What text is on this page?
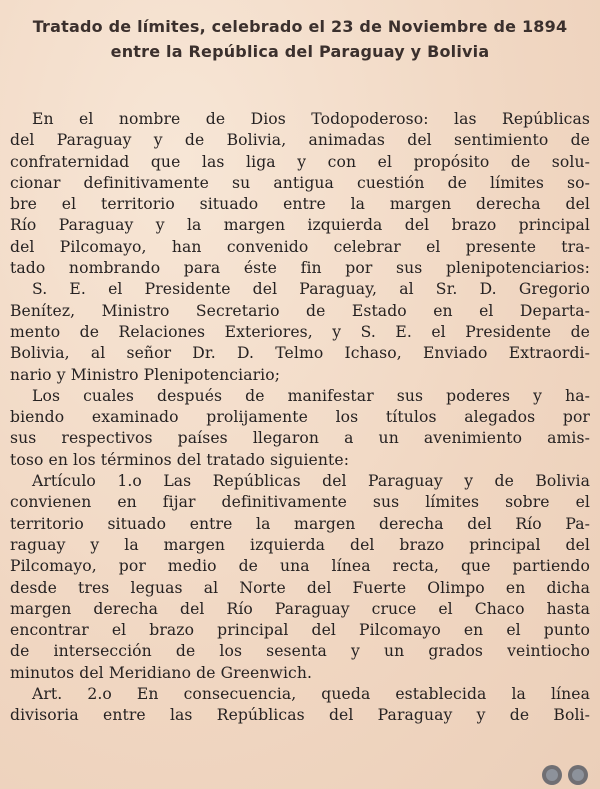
Tratado de límites, celebrado el 23 de Noviembre de 1894
entre la República del Paraguay y Bolivia
En el nombre de Dios Todopoderoso: las Repúblicas
del Paraguay y de Bolivia, animadas del sentimiento de
confraternidad que las liga y con el propósito de solu-
cionar definitivamente su antigua cuestión de límites so-
bre el territorio situado entre la margen derecha del
Río Paraguay y la margen izquierda del brazo principal
del Pilcomayo, han convenido celebrar el presente tra-
tado nombrando para éste fin por sus plenipotenciarios:
S. E. el Presidente del Paraguay, al Sr. D. Gregorio
Benítez, Ministro Secretario de Estado en el Departa-
mento de Relaciones Exteriores, y S. E. el Presidente de
Bolivia, al señor Dr. D. Telmo Ichaso, Enviado Extraordi-
nario y Ministro Plenipotenciario;
Los cuales después de manifestar sus poderes y ha-
biendo examinado prolijamente los títulos alegados por
sus respectivos países llegaron a un avenimiento amis-
toso en los términos del tratado siguiente:
Artículo 1.o Las Repúblicas del Paraguay y de Bolivia
convienen en fijar definitivamente sus límites sobre el
territorio situado entre la margen derecha del Río Pa-
raguay y la margen izquierda del brazo principal del
Pilcomayo, por medio de una línea recta, que partiendo
desde tres leguas al Norte del Fuerte Olimpo en dicha
margen derecha del Río Paraguay cruce el Chaco hasta
encontrar el brazo principal del Pilcomayo en el punto
de intersección de los sesenta y un grados veintiocho
minutos del Meridiano de Greenwich.
Art. 2.o En consecuencia, queda establecida la línea
divisoria entre las Repúblicas del Paraguay y de Boli-
